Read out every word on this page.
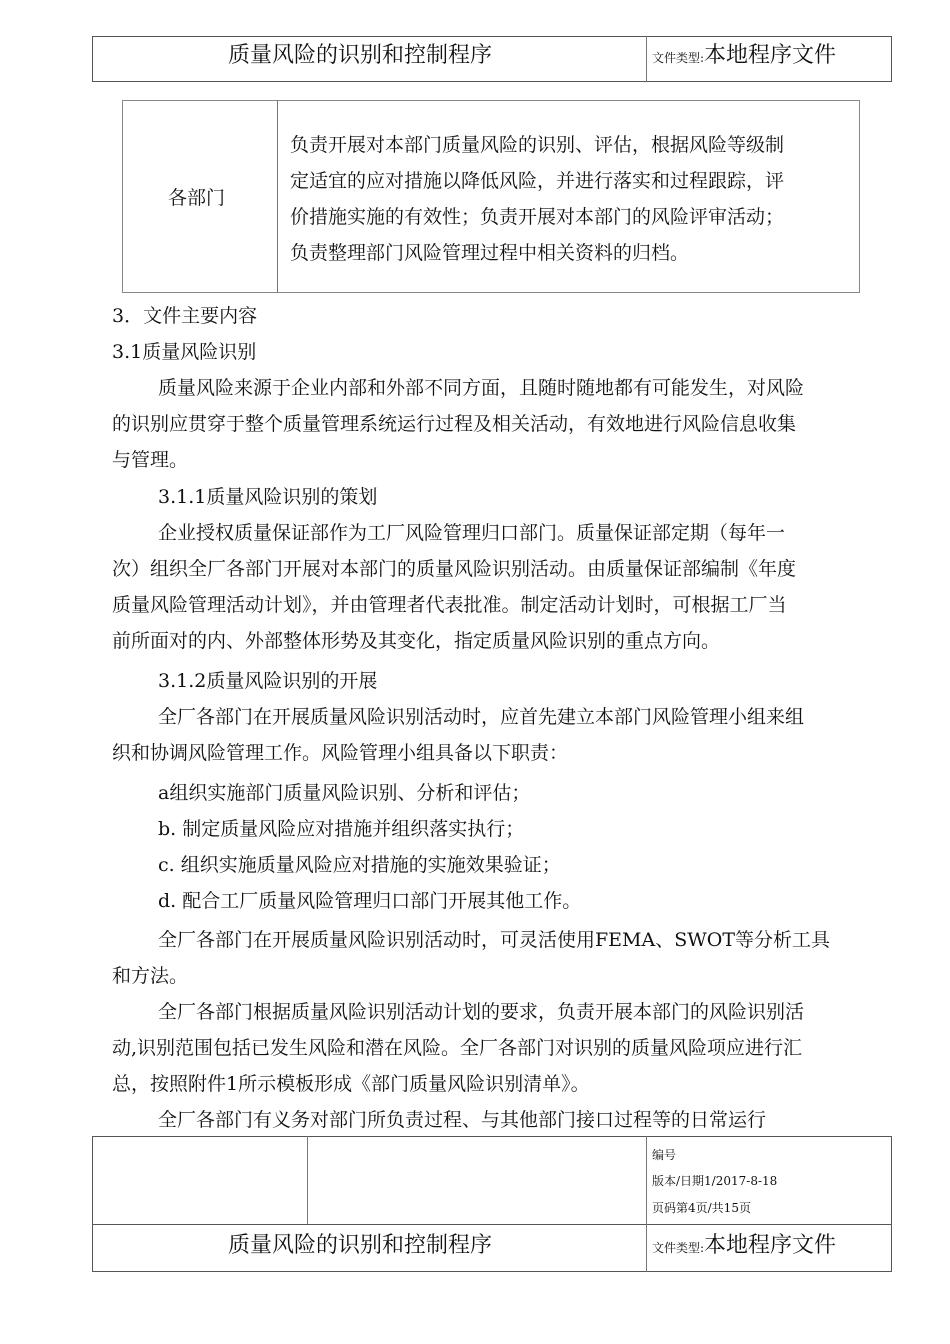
质量风险的识别和控制程序	文件类型:本地程序文件
各部门
负责开展对本部门质量风险的识别、评估，根据风险等级制
定适宜的应对措施以降低风险，并进行落实和过程跟踪，评
价措施实施的有效性；负责开展对本部门的风险评审活动；
负责整理部门风险管理过程中相关资料的归档。
3．文件主要内容
3.1质量风险识别
质量风险来源于企业内部和外部不同方面，且随时随地都有可能发生，对风险
的识别应贯穿于整个质量管理系统运行过程及相关活动，有效地进行风险信息收集
与管理。
3.1.1质量风险识别的策划
企业授权质量保证部作为工厂风险管理归口部门。质量保证部定期（每年一
次）组织全厂各部门开展对本部门的质量风险识别活动。由质量保证部编制《年度
质量风险管理活动计划》，并由管理者代表批准。制定活动计划时，可根据工厂当
前所面对的内、外部整体形势及其变化，指定质量风险识别的重点方向。
3.1.2质量风险识别的开展
全厂各部门在开展质量风险识别活动时，应首先建立本部门风险管理小组来组
织和协调风险管理工作。风险管理小组具备以下职责：
a组织实施部门质量风险识别、分析和评估；
b. 制定质量风险应对措施并组织落实执行；
c. 组织实施质量风险应对措施的实施效果验证；
d. 配合工厂质量风险管理归口部门开展其他工作。
全厂各部门在开展质量风险识别活动时，可灵活使用FEMA、SWOT等分析工具
和方法。
全厂各部门根据质量风险识别活动计划的要求，负责开展本部门的风险识别活
动,识别范围包括已发生风险和潜在风险。全厂各部门对识别的质量风险项应进行汇
总，按照附件1所示模板形成《部门质量风险识别清单》。
全厂各部门有义务对部门所负责过程、与其他部门接口过程等的日常运行
编号
版本/日期1/2017-8-18
页码第4页/共15页
质量风险的识别和控制程序	文件类型:本地程序文件
